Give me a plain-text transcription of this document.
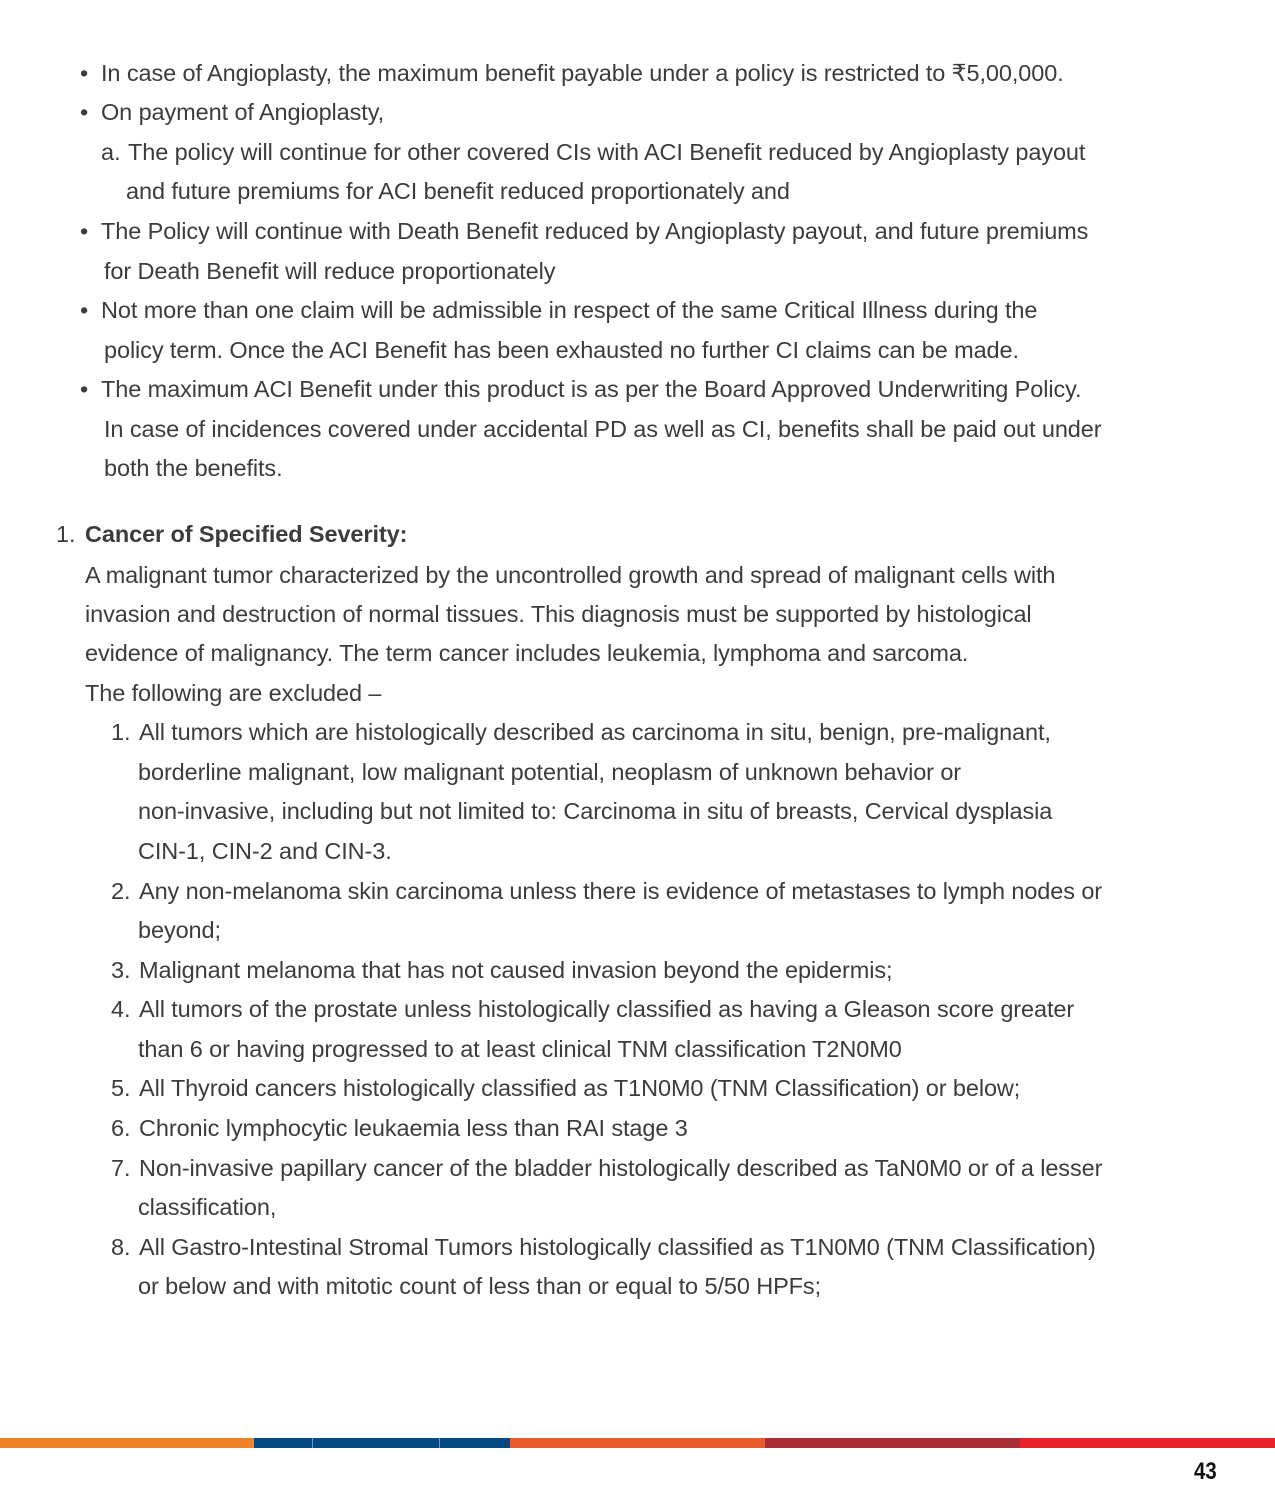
• In case of Angioplasty, the maximum benefit payable under a policy is restricted to ₹5,00,000.
• On payment of Angioplasty,
a. The policy will continue for other covered CIs with ACI Benefit reduced by Angioplasty payout
and future premiums for ACI benefit reduced proportionately and
• The Policy will continue with Death Benefit reduced by Angioplasty payout, and future premiums
for Death Benefit will reduce proportionately
• Not more than one claim will be admissible in respect of the same Critical Illness during the
policy term. Once the ACI Benefit has been exhausted no further CI claims can be made.
• The maximum ACI Benefit under this product is as per the Board Approved Underwriting Policy.
In case of incidences covered under accidental PD as well as CI, benefits shall be paid out under
both the benefits.
1. Cancer of Specified Severity:
A malignant tumor characterized by the uncontrolled growth and spread of malignant cells with
invasion and destruction of normal tissues. This diagnosis must be supported by histological
evidence of malignancy. The term cancer includes leukemia, lymphoma and sarcoma.
The following are excluded –
1. All tumors which are histologically described as carcinoma in situ, benign, pre-malignant,
borderline malignant, low malignant potential, neoplasm of unknown behavior or
non-invasive, including but not limited to: Carcinoma in situ of breasts, Cervical dysplasia
CIN-1, CIN-2 and CIN-3.
2. Any non-melanoma skin carcinoma unless there is evidence of metastases to lymph nodes or
beyond;
3. Malignant melanoma that has not caused invasion beyond the epidermis;
4. All tumors of the prostate unless histologically classified as having a Gleason score greater
than 6 or having progressed to at least clinical TNM classification T2N0M0
5. All Thyroid cancers histologically classified as T1N0M0 (TNM Classification) or below;
6. Chronic lymphocytic leukaemia less than RAI stage 3
7. Non-invasive papillary cancer of the bladder histologically described as TaN0M0 or of a lesser
classification,
8. All Gastro-Intestinal Stromal Tumors histologically classified as T1N0M0 (TNM Classification)
or below and with mitotic count of less than or equal to 5/50 HPFs;
43
